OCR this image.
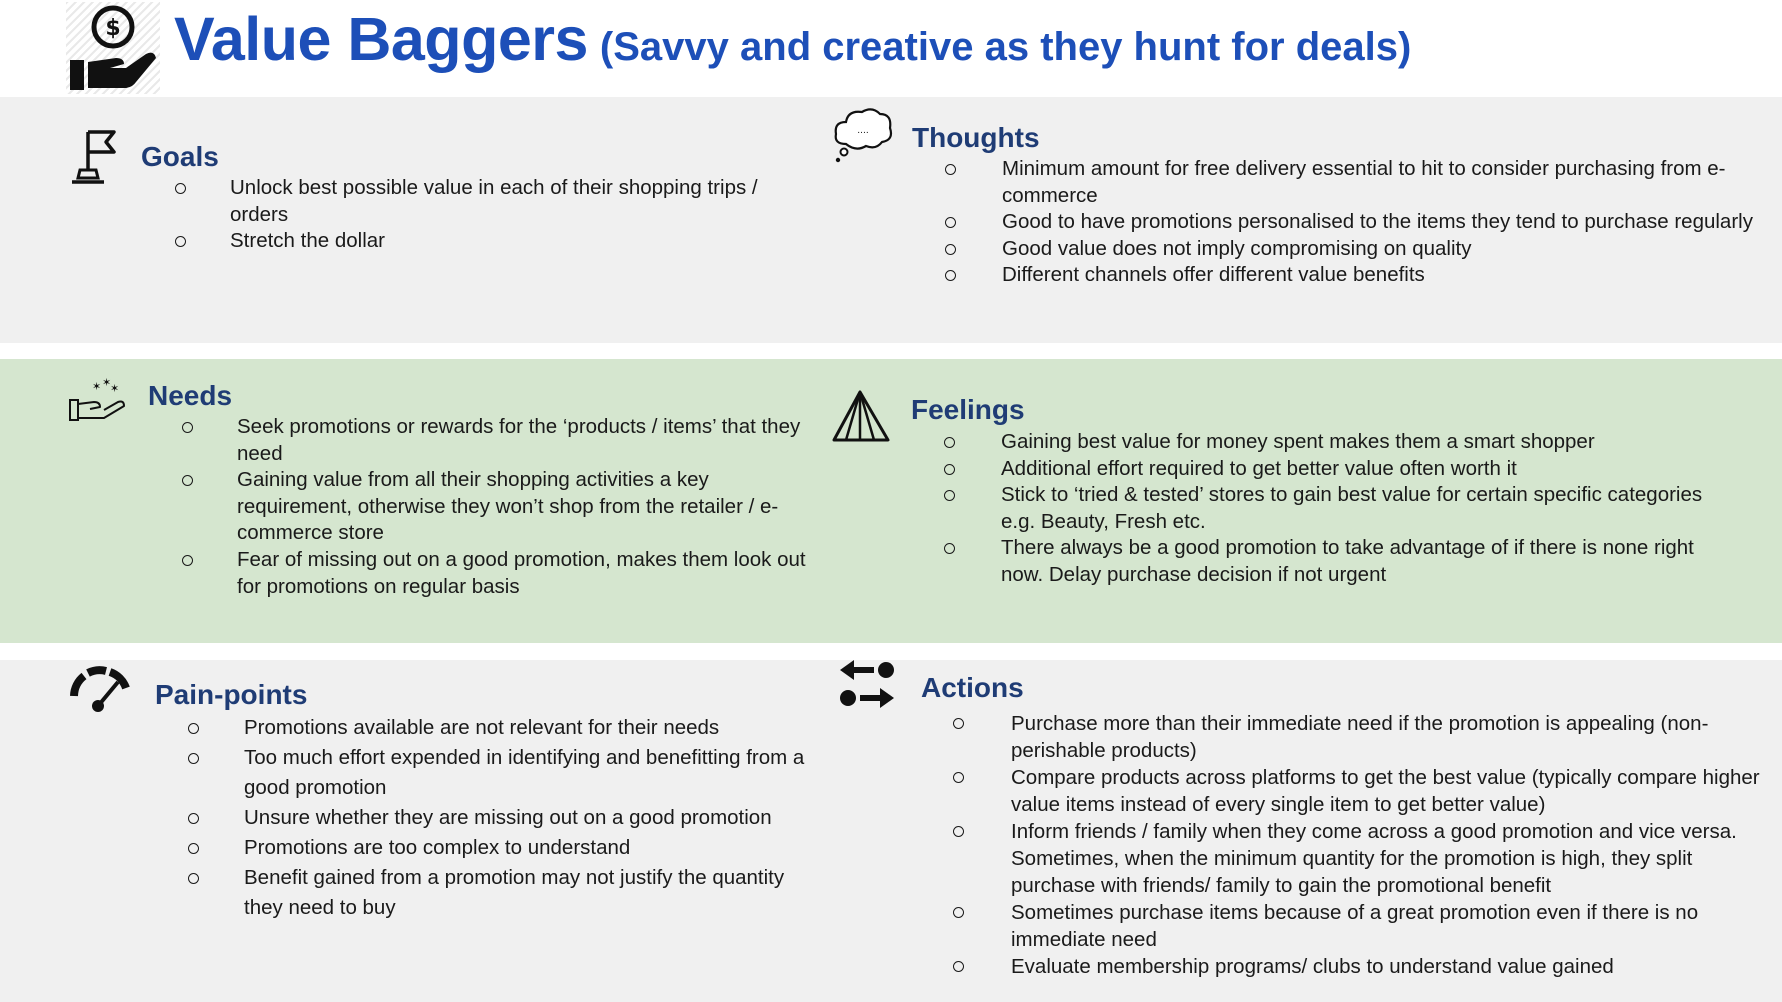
$ Value Baggers (Savvy and creative as they hunt for deals)
Goals
Unlock best possible value in each of their shopping trips / orders
Stretch the dollar
.... Thoughts
Minimum amount for free delivery essential to hit to consider purchasing from e-commerce
Good to have promotions personalised to the items they tend to purchase regularly
Good value does not imply compromising on quality
Different channels offer different value benefits
✶ ✶
✶ Needs
Seek promotions or rewards for the ‘products / items’ that they need
Gaining value from all their shopping activities a key requirement, otherwise they won’t shop from the retailer / e-commerce store
Fear of missing out on a good promotion, makes them look out for promotions on regular basis
Feelings
Gaining best value for money spent makes them a smart shopper
Additional effort required to get better value often worth it
Stick to ‘tried & tested’ stores to gain best value for certain specific categories e.g. Beauty, Fresh etc.
There always be a good promotion to take advantage of if there is none right now. Delay purchase decision if not urgent
Pain-points
Promotions available are not relevant for their needs
Too much effort expended in identifying and benefitting from a good promotion
Unsure whether they are missing out on a good promotion
Promotions are too complex to understand
Benefit gained from a promotion may not justify the quantity they need to buy
Actions
Purchase more than their immediate need if the promotion is appealing (non-perishable products)
Compare products across platforms to get the best value (typically compare higher value items instead of every single item to get better value)
Inform friends / family when they come across a good promotion and vice versa. Sometimes, when the minimum quantity for the promotion is high, they split purchase with friends/ family to gain the promotional benefit
Sometimes purchase items because of a great promotion even if there is no immediate need
Evaluate membership programs/ clubs to understand value gained
